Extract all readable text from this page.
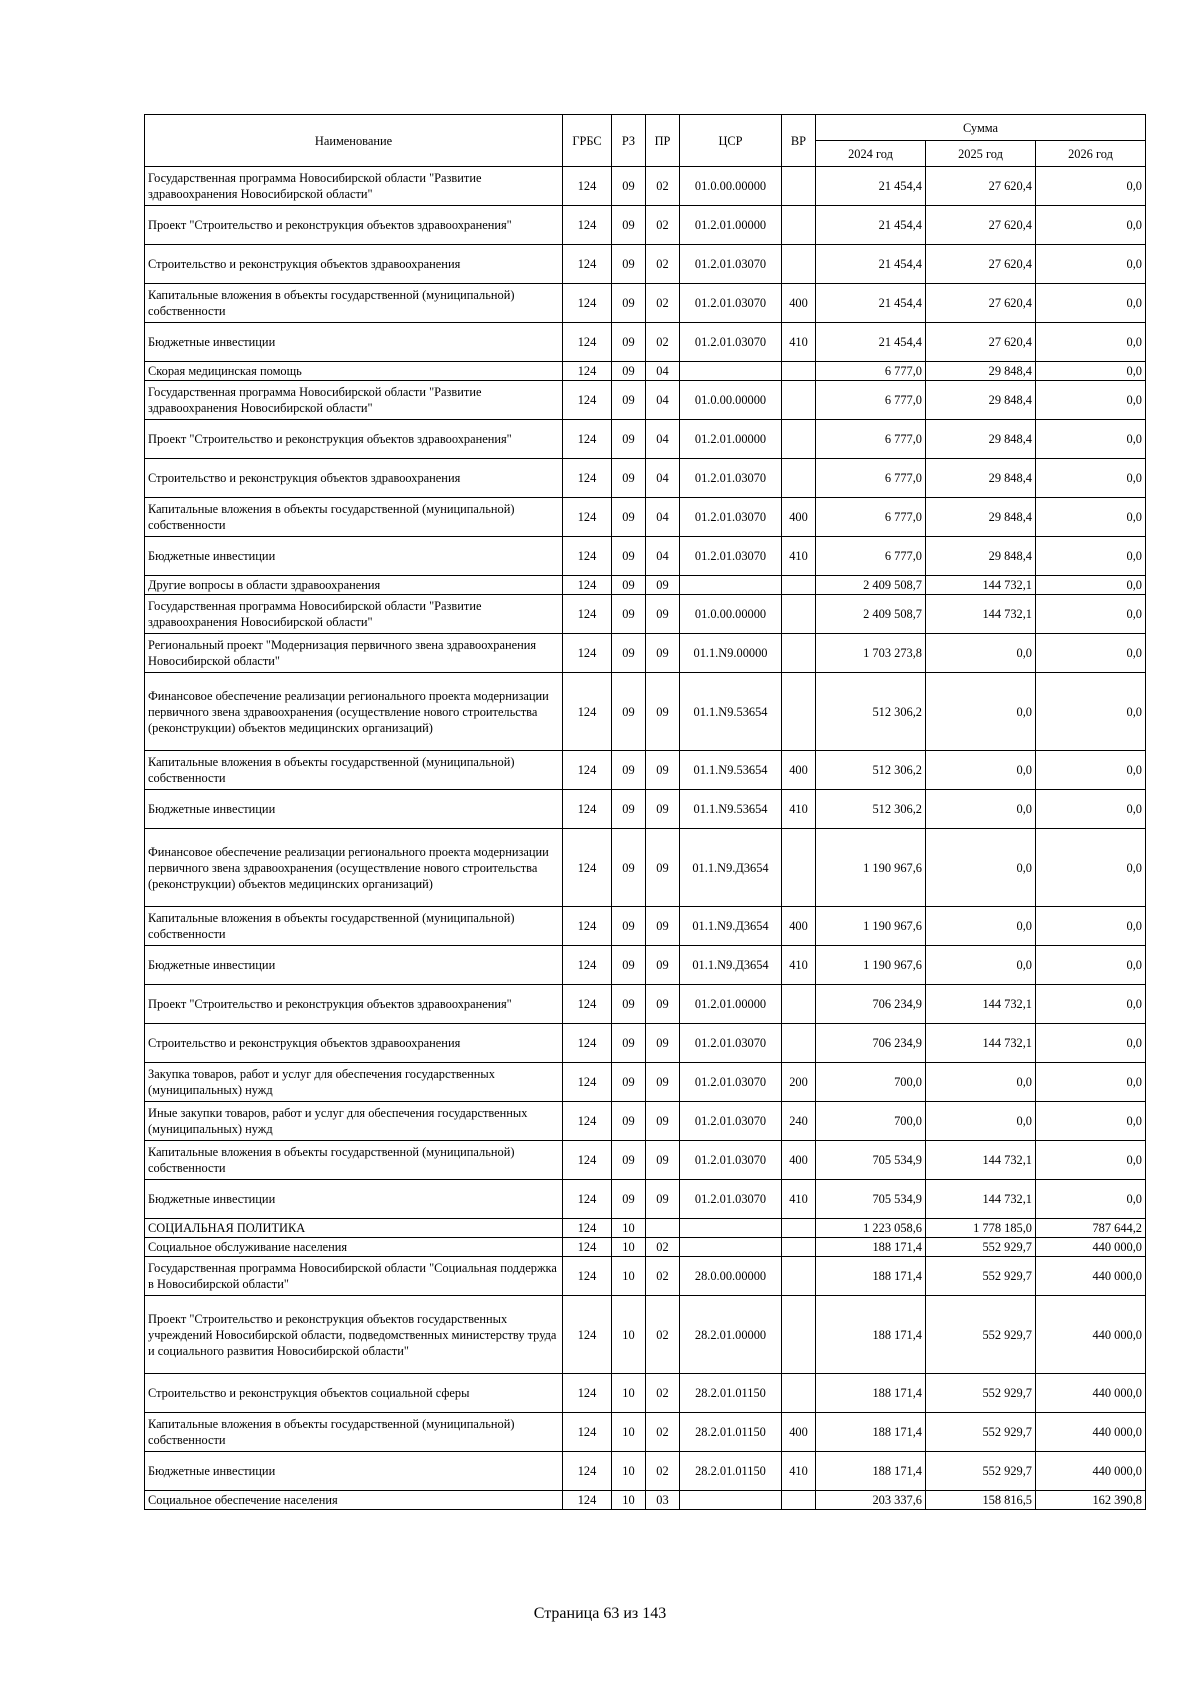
Наименование	ГРБС	РЗ	ПР	ЦСР	ВР	Сумма		
						2024 год	2025 год	2026 год
Государственная программа Новосибирской области "Развитие здравоохранения Новосибирской области"	124	09	02	01.0.00.00000		21 454,4	27 620,4	0,0
Проект "Строительство и реконструкция объектов здравоохранения"	124	09	02	01.2.01.00000		21 454,4	27 620,4	0,0
Строительство и реконструкция объектов здравоохранения	124	09	02	01.2.01.03070		21 454,4	27 620,4	0,0
Капитальные вложения в объекты государственной (муниципальной) собственности	124	09	02	01.2.01.03070	400	21 454,4	27 620,4	0,0
Бюджетные инвестиции	124	09	02	01.2.01.03070	410	21 454,4	27 620,4	0,0
Скорая медицинская помощь	124	09	04			6 777,0	29 848,4	0,0
Государственная программа Новосибирской области "Развитие здравоохранения Новосибирской области"	124	09	04	01.0.00.00000		6 777,0	29 848,4	0,0
Проект "Строительство и реконструкция объектов здравоохранения"	124	09	04	01.2.01.00000		6 777,0	29 848,4	0,0
Строительство и реконструкция объектов здравоохранения	124	09	04	01.2.01.03070		6 777,0	29 848,4	0,0
Капитальные вложения в объекты государственной (муниципальной) собственности	124	09	04	01.2.01.03070	400	6 777,0	29 848,4	0,0
Бюджетные инвестиции	124	09	04	01.2.01.03070	410	6 777,0	29 848,4	0,0
Другие вопросы в области здравоохранения	124	09	09			2 409 508,7	144 732,1	0,0
Государственная программа Новосибирской области "Развитие здравоохранения Новосибирской области"	124	09	09	01.0.00.00000		2 409 508,7	144 732,1	0,0
Региональный проект "Модернизация первичного звена здравоохранения Новосибирской области"	124	09	09	01.1.N9.00000		1 703 273,8	0,0	0,0
Финансовое обеспечение реализации регионального проекта модернизации первичного звена здравоохранения (осуществление нового строительства (реконструкции) объектов медицинских организаций)	124	09	09	01.1.N9.53654		512 306,2	0,0	0,0
Капитальные вложения в объекты государственной (муниципальной) собственности	124	09	09	01.1.N9.53654	400	512 306,2	0,0	0,0
Бюджетные инвестиции	124	09	09	01.1.N9.53654	410	512 306,2	0,0	0,0
Финансовое обеспечение реализации регионального проекта модернизации первичного звена здравоохранения (осуществление нового строительства (реконструкции) объектов медицинских организаций)	124	09	09	01.1.N9.Д3654		1 190 967,6	0,0	0,0
Капитальные вложения в объекты государственной (муниципальной) собственности	124	09	09	01.1.N9.Д3654	400	1 190 967,6	0,0	0,0
Бюджетные инвестиции	124	09	09	01.1.N9.Д3654	410	1 190 967,6	0,0	0,0
Проект "Строительство и реконструкция объектов здравоохранения"	124	09	09	01.2.01.00000		706 234,9	144 732,1	0,0
Строительство и реконструкция объектов здравоохранения	124	09	09	01.2.01.03070		706 234,9	144 732,1	0,0
Закупка товаров, работ и услуг для обеспечения государственных (муниципальных) нужд	124	09	09	01.2.01.03070	200	700,0	0,0	0,0
Иные закупки товаров, работ и услуг для обеспечения государственных (муниципальных) нужд	124	09	09	01.2.01.03070	240	700,0	0,0	0,0
Капитальные вложения в объекты государственной (муниципальной) собственности	124	09	09	01.2.01.03070	400	705 534,9	144 732,1	0,0
Бюджетные инвестиции	124	09	09	01.2.01.03070	410	705 534,9	144 732,1	0,0
СОЦИАЛЬНАЯ ПОЛИТИКА	124	10				1 223 058,6	1 778 185,0	787 644,2
Социальное обслуживание населения	124	10	02			188 171,4	552 929,7	440 000,0
Государственная программа Новосибирской области "Социальная поддержка в Новосибирской области"	124	10	02	28.0.00.00000		188 171,4	552 929,7	440 000,0
Проект "Строительство и реконструкция объектов государственных учреждений Новосибирской области, подведомственных министерству труда и социального развития Новосибирской области"	124	10	02	28.2.01.00000		188 171,4	552 929,7	440 000,0
Строительство и реконструкция объектов социальной сферы	124	10	02	28.2.01.01150		188 171,4	552 929,7	440 000,0
Капитальные вложения в объекты государственной (муниципальной) собственности	124	10	02	28.2.01.01150	400	188 171,4	552 929,7	440 000,0
Бюджетные инвестиции	124	10	02	28.2.01.01150	410	188 171,4	552 929,7	440 000,0
Социальное обеспечение населения	124	10	03			203 337,6	158 816,5	162 390,8
Страница 63 из 143
